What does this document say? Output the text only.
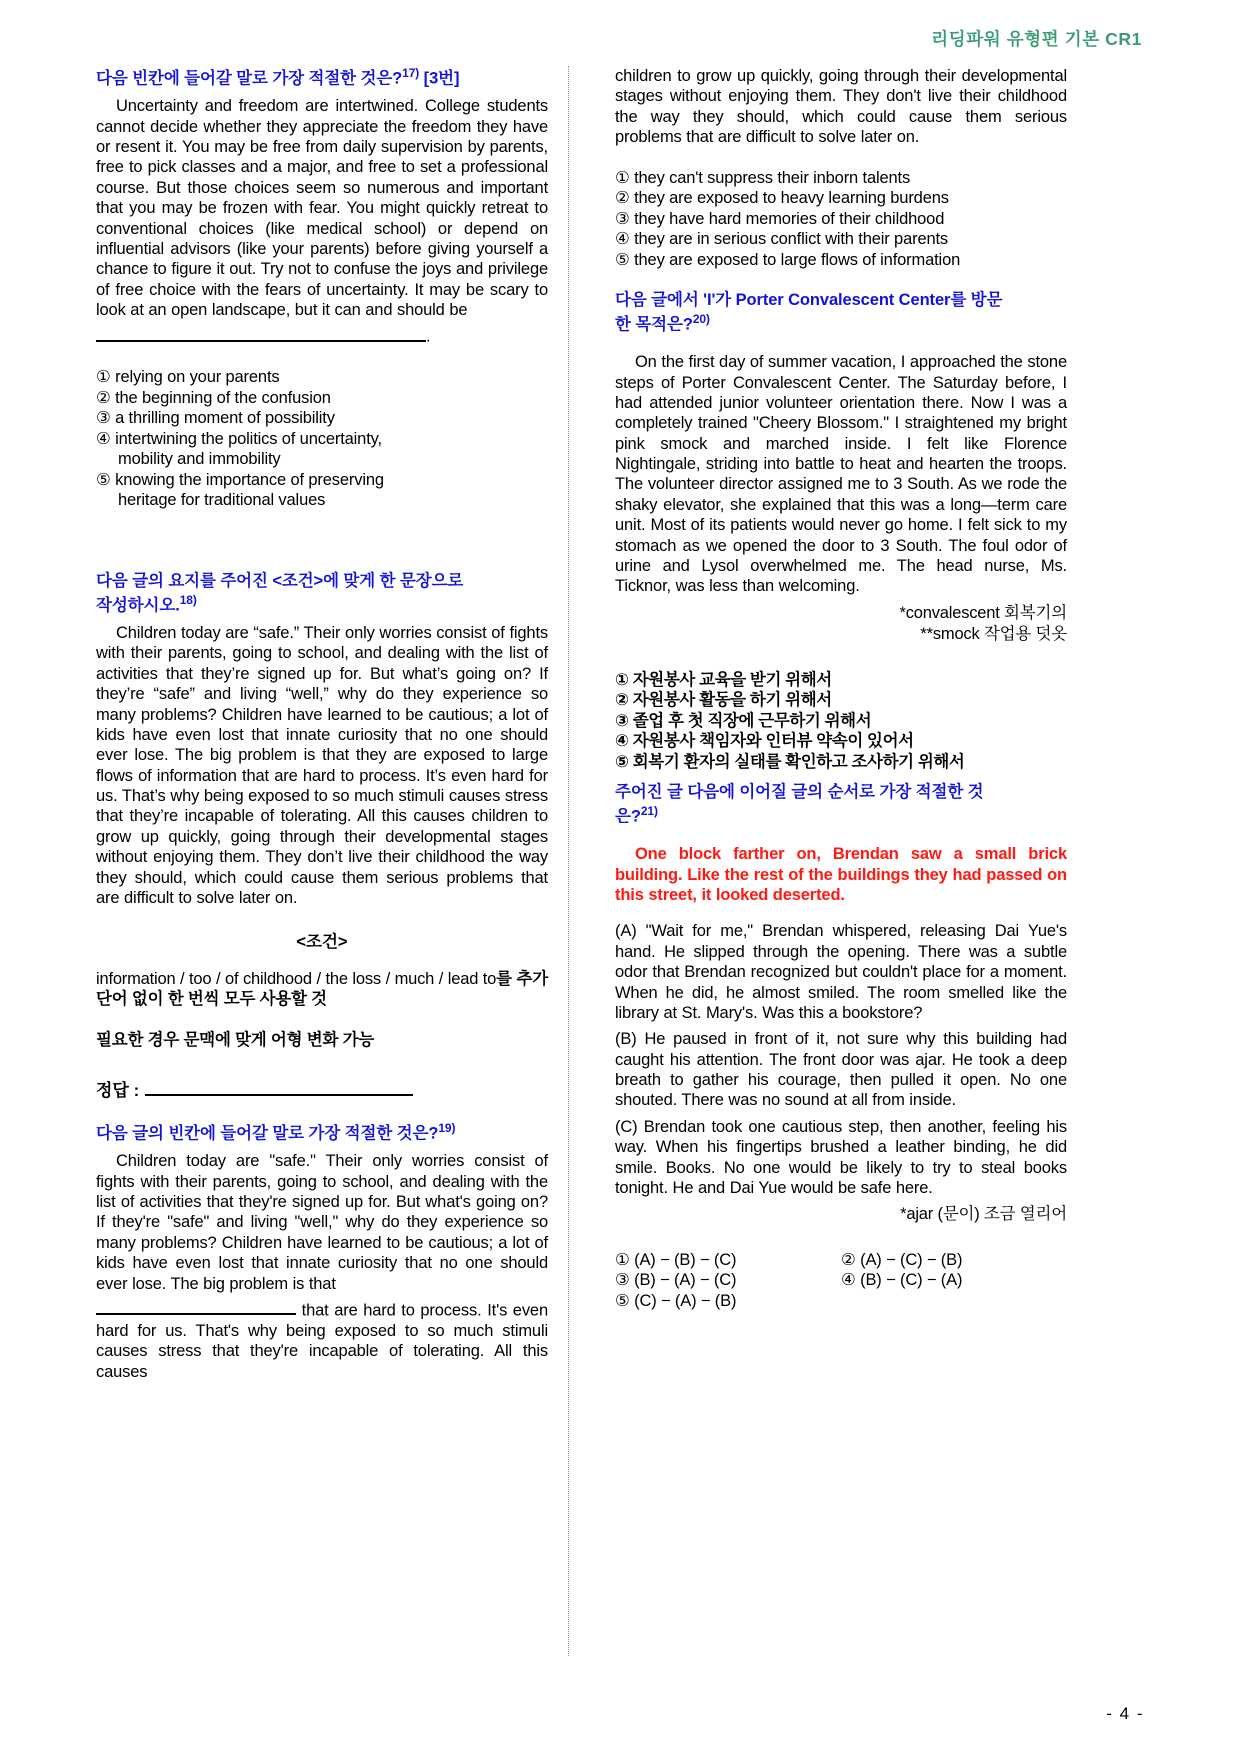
리딩파워 유형편 기본 CR1

다음 빈칸에 들어갈 말로 가장 적절한 것은?$^{17)}$ [3번]

Uncertainty and freedom are intertwined. College students cannot decide whether they appreciate the freedom they have or resent it. You may be free from daily supervision by parents, free to pick classes and a major, and free to set a professional course. But those choices seem so numerous and important that you may be frozen with fear. You might quickly retreat to conventional choices (like medical school) or depend on influential advisors (like your parents) before giving yourself a chance to figure it out. Try not to confuse the joys and privilege of free choice with the fears of uncertainty. It may be scary to look at an open landscape, but it can and should be

.

① relying on your parents
② the beginning of the confusion
③ a thrilling moment of possibility
④ intertwining the politics of uncertainty,
mobility and immobility
⑤ knowing the importance of preserving
heritage for traditional values

다음 글의 요지를 주어진 <조건>에 맞게 한 문장으로
작성하시오.$^{18)}$

Children today are “safe.” Their only worries consist of fights with their parents, going to school, and dealing with the list of activities that they’re signed up for. But what’s going on? If they’re “safe” and living “well,” why do they experience so many problems? Children have learned to be cautious; a lot of kids have even lost that innate curiosity that no one should ever lose. The big problem is that they are exposed to large flows of information that are hard to process. It’s even hard for us. That’s why being exposed to so much stimuli causes stress that they’re incapable of tolerating. All this causes children to grow up quickly, going through their developmental stages without enjoying them. They don’t live their childhood the way they should, which could cause them serious problems that are difficult to solve later on.

<조건>

information / too / of childhood / the loss / much / lead to를 추가 단어 없이 한 번씩 모두 사용할 것

필요한 경우 문맥에 맞게 어형 변화 가능

정답 :

다음 글의 빈칸에 들어갈 말로 가장 적절한 것은?$^{19)}$

Children today are "safe." Their only worries consist of fights with their parents, going to school, and dealing with the list of activities that they're signed up for. But what's going on? If they're "safe" and living "well," why do they experience so many problems? Children have learned to be cautious; a lot of kids have even lost that innate curiosity that no one should ever lose. The big problem is that

that are hard to process. It's even hard for us. That's why being exposed to so much stimuli causes stress that they're incapable of tolerating. All this causes

children to grow up quickly, going through their developmental stages without enjoying them. They don't live their childhood the way they should, which could cause them serious problems that are difficult to solve later on.

① they can't suppress their inborn talents
② they are exposed to heavy learning burdens
③ they have hard memories of their childhood
④ they are in serious conflict with their parents
⑤ they are exposed to large flows of information

다음 글에서 'I'가 Porter Convalescent Center를 방문
한 목적은?$^{20)}$

On the first day of summer vacation, I approached the stone steps of Porter Convalescent Center. The Saturday before, I had attended junior volunteer orientation there. Now I was a completely trained "Cheery Blossom." I straightened my bright pink smock and marched inside. I felt like Florence Nightingale, striding into battle to heat and hearten the troops. The volunteer director assigned me to 3 South. As we rode the shaky elevator, she explained that this was a long—term care unit. Most of its patients would never go home. I felt sick to my stomach as we opened the door to 3 South. The foul odor of urine and Lysol overwhelmed me. The head nurse, Ms. Ticknor, was less than welcoming.

*convalescent 회복기의
**smock 작업용 덧옷
① 자원봉사 교육을 받기 위해서
② 자원봉사 활동을 하기 위해서
③ 졸업 후 첫 직장에 근무하기 위해서
④ 자원봉사 책임자와 인터뷰 약속이 있어서
⑤ 회복기 환자의 실태를 확인하고 조사하기 위해서

주어진 글 다음에 이어질 글의 순서로 가장 적절한 것
은?$^{21)}$

One block farther on, Brendan saw a small brick building. Like the rest of the buildings they had passed on this street, it looked deserted.

(A) "Wait for me," Brendan whispered, releasing Dai Yue's hand. He slipped through the opening. There was a subtle odor that Brendan recognized but couldn't place for a moment. When he did, he almost smiled. The room smelled like the library at St. Mary's. Was this a bookstore?

(B) He paused in front of it, not sure why this building had caught his attention. The front door was ajar. He took a deep breath to gather his courage, then pulled it open. No one shouted. There was no sound at all from inside.

(C) Brendan took one cautious step, then another, feeling his way. When his fingertips brushed a leather binding, he did smile. Books. No one would be likely to try to steal books tonight. He and Dai Yue would be safe here.

*ajar (문이) 조금 열리어
① (A) − (B) − (C)	② (A) − (C) − (B)
③ (B) − (A) − (C)	④ (B) − (C) − (A)
⑤ (C) − (A) − (B)
- 4 -
